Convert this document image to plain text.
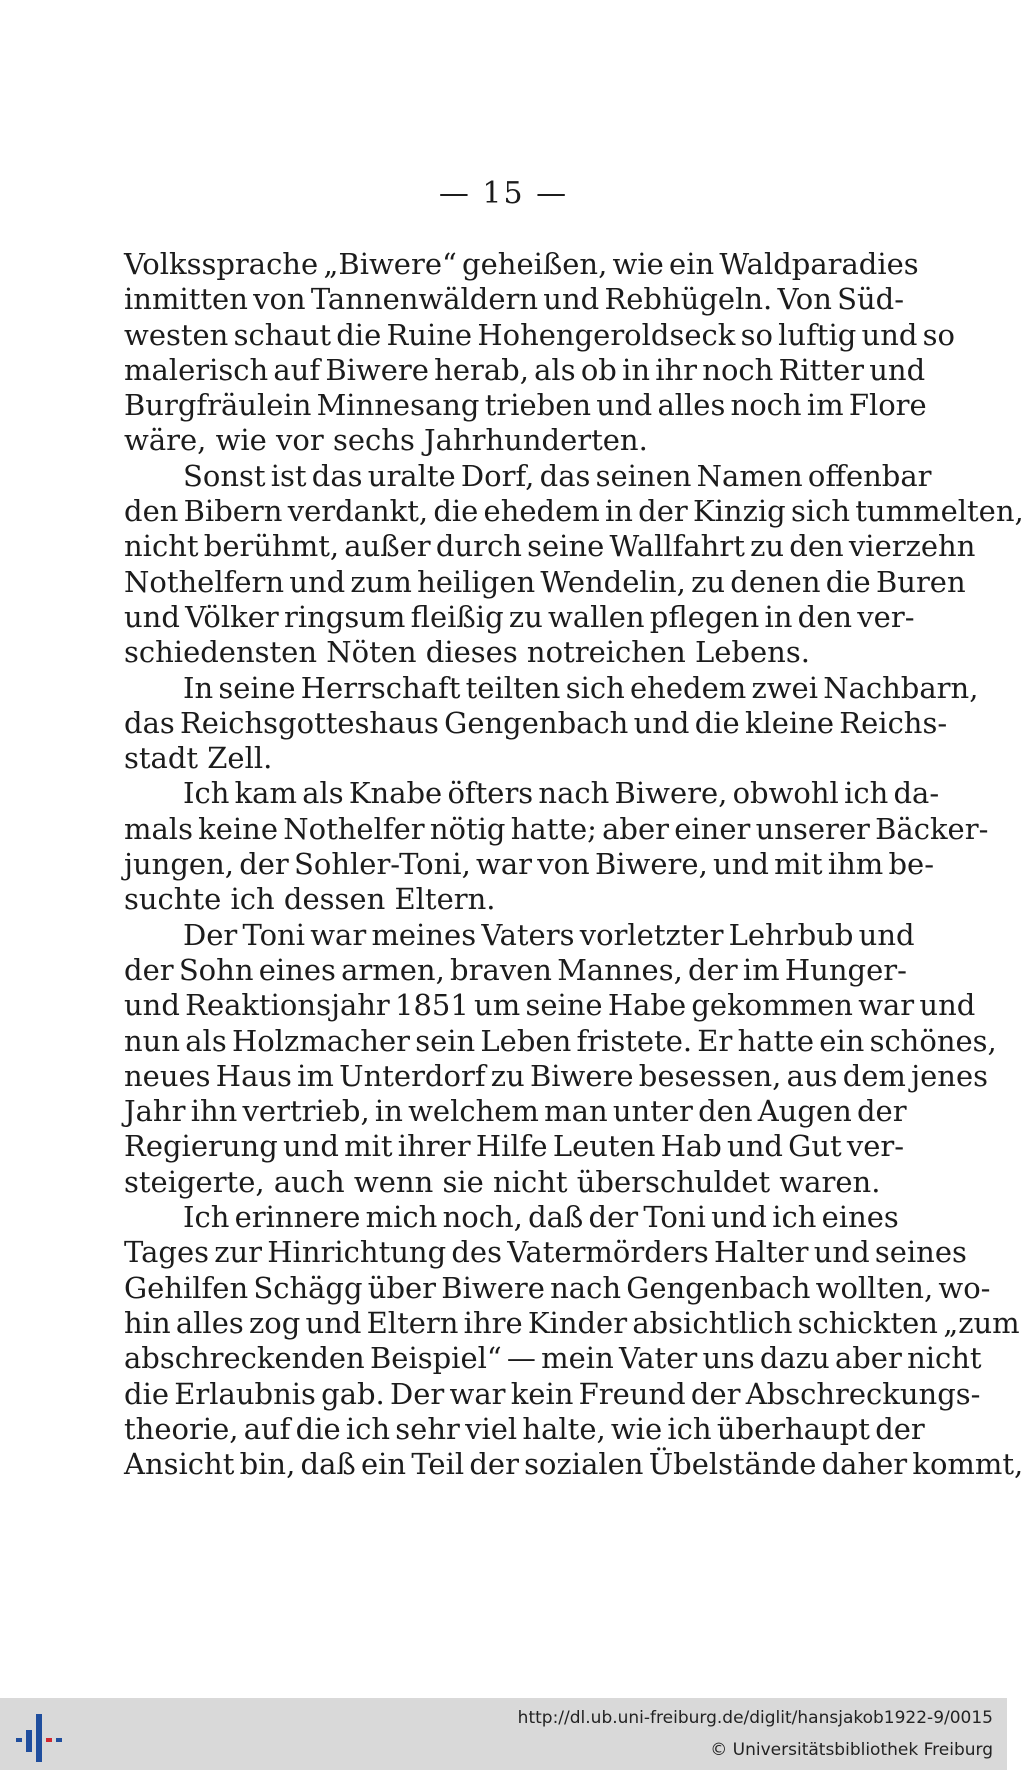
— 15 —
Volkssprache „Biwere“ geheißen, wie ein Waldparadies
inmitten von Tannenwäldern und Rebhügeln. Von Süd-
westen schaut die Ruine Hohengeroldseck so luftig und so
malerisch auf Biwere herab, als ob in ihr noch Ritter und
Burgfräulein Minnesang trieben und alles noch im Flore
wäre, wie vor sechs Jahrhunderten.
Sonst ist das uralte Dorf, das seinen Namen offenbar
den Bibern verdankt, die ehedem in der Kinzig sich tummelten,
nicht berühmt, außer durch seine Wallfahrt zu den vierzehn
Nothelfern und zum heiligen Wendelin, zu denen die Buren
und Völker ringsum fleißig zu wallen pflegen in den ver-
schiedensten Nöten dieses notreichen Lebens.
In seine Herrschaft teilten sich ehedem zwei Nachbarn,
das Reichsgotteshaus Gengenbach und die kleine Reichs-
stadt Zell.
Ich kam als Knabe öfters nach Biwere, obwohl ich da-
mals keine Nothelfer nötig hatte; aber einer unserer Bäcker-
jungen, der Sohler-Toni, war von Biwere, und mit ihm be-
suchte ich dessen Eltern.
Der Toni war meines Vaters vorletzter Lehrbub und
der Sohn eines armen, braven Mannes, der im Hunger-
und Reaktionsjahr 1851 um seine Habe gekommen war und
nun als Holzmacher sein Leben fristete. Er hatte ein schönes,
neues Haus im Unterdorf zu Biwere besessen, aus dem jenes
Jahr ihn vertrieb, in welchem man unter den Augen der
Regierung und mit ihrer Hilfe Leuten Hab und Gut ver-
steigerte, auch wenn sie nicht überschuldet waren.
Ich erinnere mich noch, daß der Toni und ich eines
Tages zur Hinrichtung des Vatermörders Halter und seines
Gehilfen Schägg über Biwere nach Gengenbach wollten, wo-
hin alles zog und Eltern ihre Kinder absichtlich schickten „zum
abschreckenden Beispiel“ — mein Vater uns dazu aber nicht
die Erlaubnis gab. Der war kein Freund der Abschreckungs-
theorie, auf die ich sehr viel halte, wie ich überhaupt der
Ansicht bin, daß ein Teil der sozialen Übelstände daher kommt,
http://dl.ub.uni-freiburg.de/diglit/hansjakob1922-9/0015
© Universitätsbibliothek Freiburg
